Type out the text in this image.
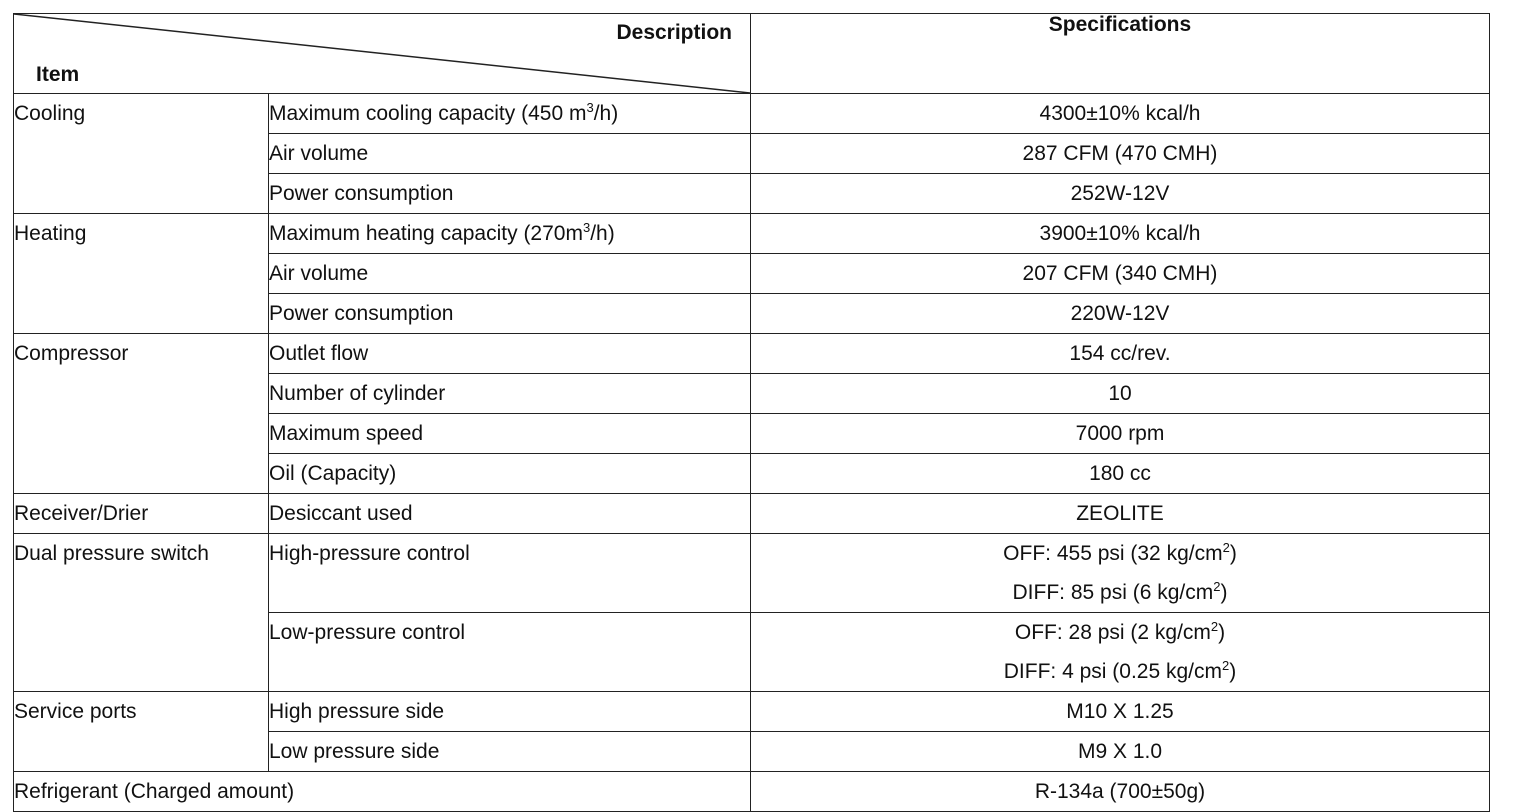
Description
Item		Specifications
Cooling	Maximum cooling capacity (450 $m^3/h$)	4300±10% kcal/h
	Air volume	287 CFM (470 CMH)
	Power consumption	252W-12V
Heating	Maximum heating capacity $(270m^3/h)$	3900±10% kcal/h
	Air volume	207 CFM (340 CMH)
	Power consumption	220W-12V
Compressor	Outlet flow	154 cc/rev.
	Number of cylinder	10
	Maximum speed	7000 rpm
	Oil (Capacity)	180 cc
Receiver/Drier	Desiccant used	ZEOLITE

Dual pressure switch	High-pressure control	OFF: 455 psi (32 $kg/cm^2$)
DIFF: 85 psi (6 $kg/cm^2$)

	Low-pressure control	OFF: 28 psi (2 $kg/cm^2$)
DIFF: 4 psi (0.25 $kg/cm^2$)

Service ports	High pressure side	M10 X 1.25
	Low pressure side	M9 X 1.0
Refrigerant (Charged amount)		R-134a (700±50g)
